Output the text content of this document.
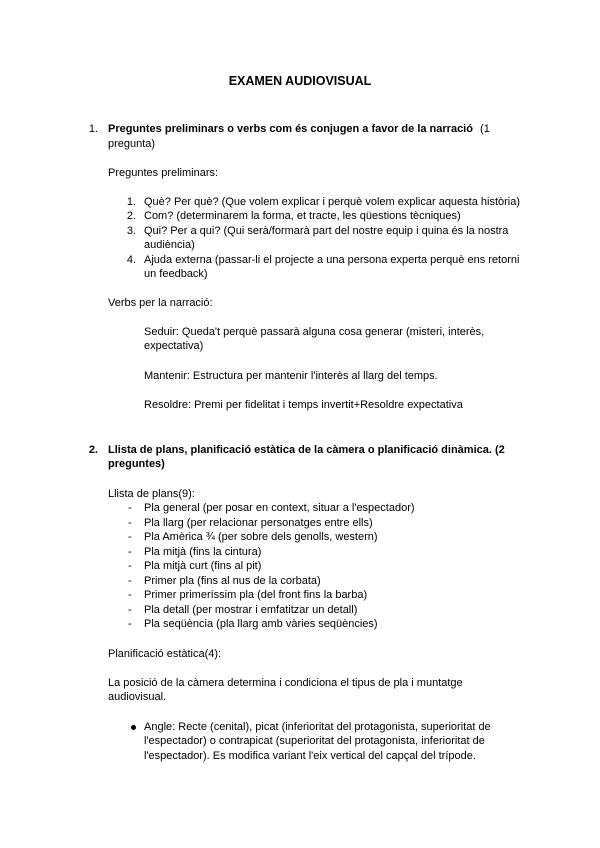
EXAMEN AUDIOVISUAL
1. Preguntes preliminars o verbs com és conjugen a favor de la narració (1
pregunta)
Preguntes preliminars:
1. Què? Per què? (Que volem explicar i perquè volem explicar aquesta història)
2. Com? (determinarem la forma, et tracte, les qüestions tècniques)
3. Qui? Per a qui? (Qui serà/formarà part del nostre equip i quina és la nostra
audiència)
4. Ajuda externa (passar-li el projecte a una persona experta perquè ens retorni
un feedback)
Verbs per la narració:
Seduir: Queda't perquè passarà alguna cosa generar (misteri, interès,
expectativa)
Mantenir: Estructura per mantenir l'interès al llarg del temps.
Resoldre: Premi per fidelitat i temps invertit+Resoldre expectativa
2. Llista de plans, planificació estàtica de la càmera o planificació dinàmica. (2
preguntes)
Llista de plans(9):
- Pla general (per posar en context, situar a l'espectador)
- Pla llarg (per relacionar personatges entre ells)
- Pla Amèrica ¾ (per sobre dels genolls, western)
- Pla mitjà (fins la cintura)
- Pla mitjà curt (fins al pit)
- Primer pla (fins al nus de la corbata)
- Primer primeríssim pla (del front fins la barba)
- Pla detall (per mostrar i emfatitzar un detall)
- Pla seqüència (pla llarg amb vàries seqüències)
Planificació estàtica(4):
La posició de la càmera determina i condiciona el tipus de pla i muntatge
audiovisual.
Angle: Recte (cenital), picat (inferioritat del protagonista, superioritat de
l'espectador) o contrapicat (superioritat del protagonista, inferioritat de
l'espectador). Es modifica variant l'eix vertical del capçal del trípode.
